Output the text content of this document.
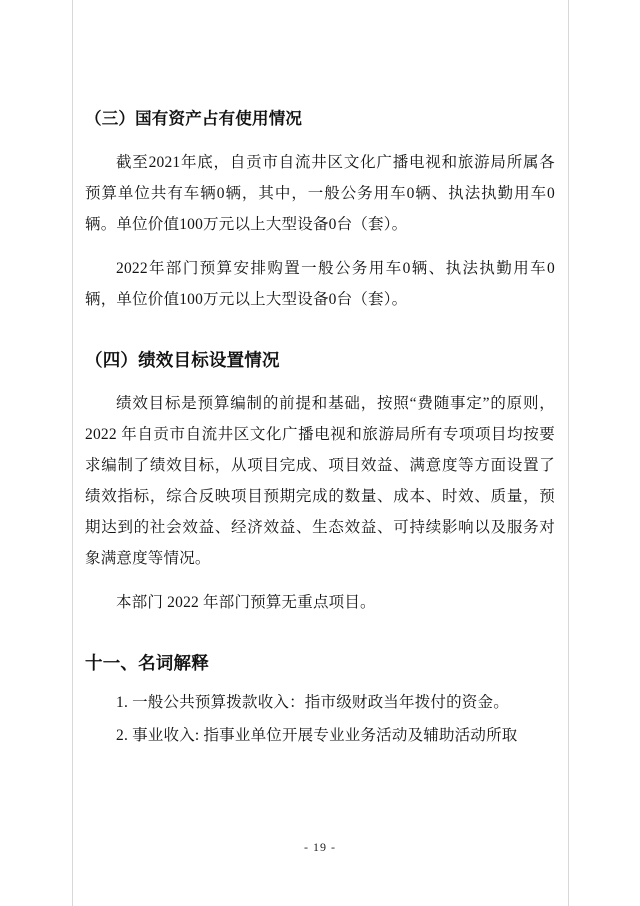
（三）国有资产占有使用情况

截至2021年底，自贡市自流井区文化广播电视和旅游局所属各预算单位共有车辆0辆，其中，一般公务用车0辆、执法执勤用车0辆。单位价值100万元以上大型设备0台（套）。

2022年部门预算安排购置一般公务用车0辆、执法执勤用车0辆，单位价值100万元以上大型设备0台（套）。

（四）绩效目标设置情况

绩效目标是预算编制的前提和基础，按照“费随事定”的原则，2022 年自贡市自流井区文化广播电视和旅游局所有专项项目均按要求编制了绩效目标，从项目完成、项目效益、满意度等方面设置了绩效指标，综合反映项目预期完成的数量、成本、时效、质量，预期达到的社会效益、经济效益、生态效益、可持续影响以及服务对象满意度等情况。

本部门 2022 年部门预算无重点项目。

十一、名词解释
1. 一般公共预算拨款收入：指市级财政当年拨付的资金。
2. 事业收入: 指事业单位开展专业业务活动及辅助活动所取
- 19 -
